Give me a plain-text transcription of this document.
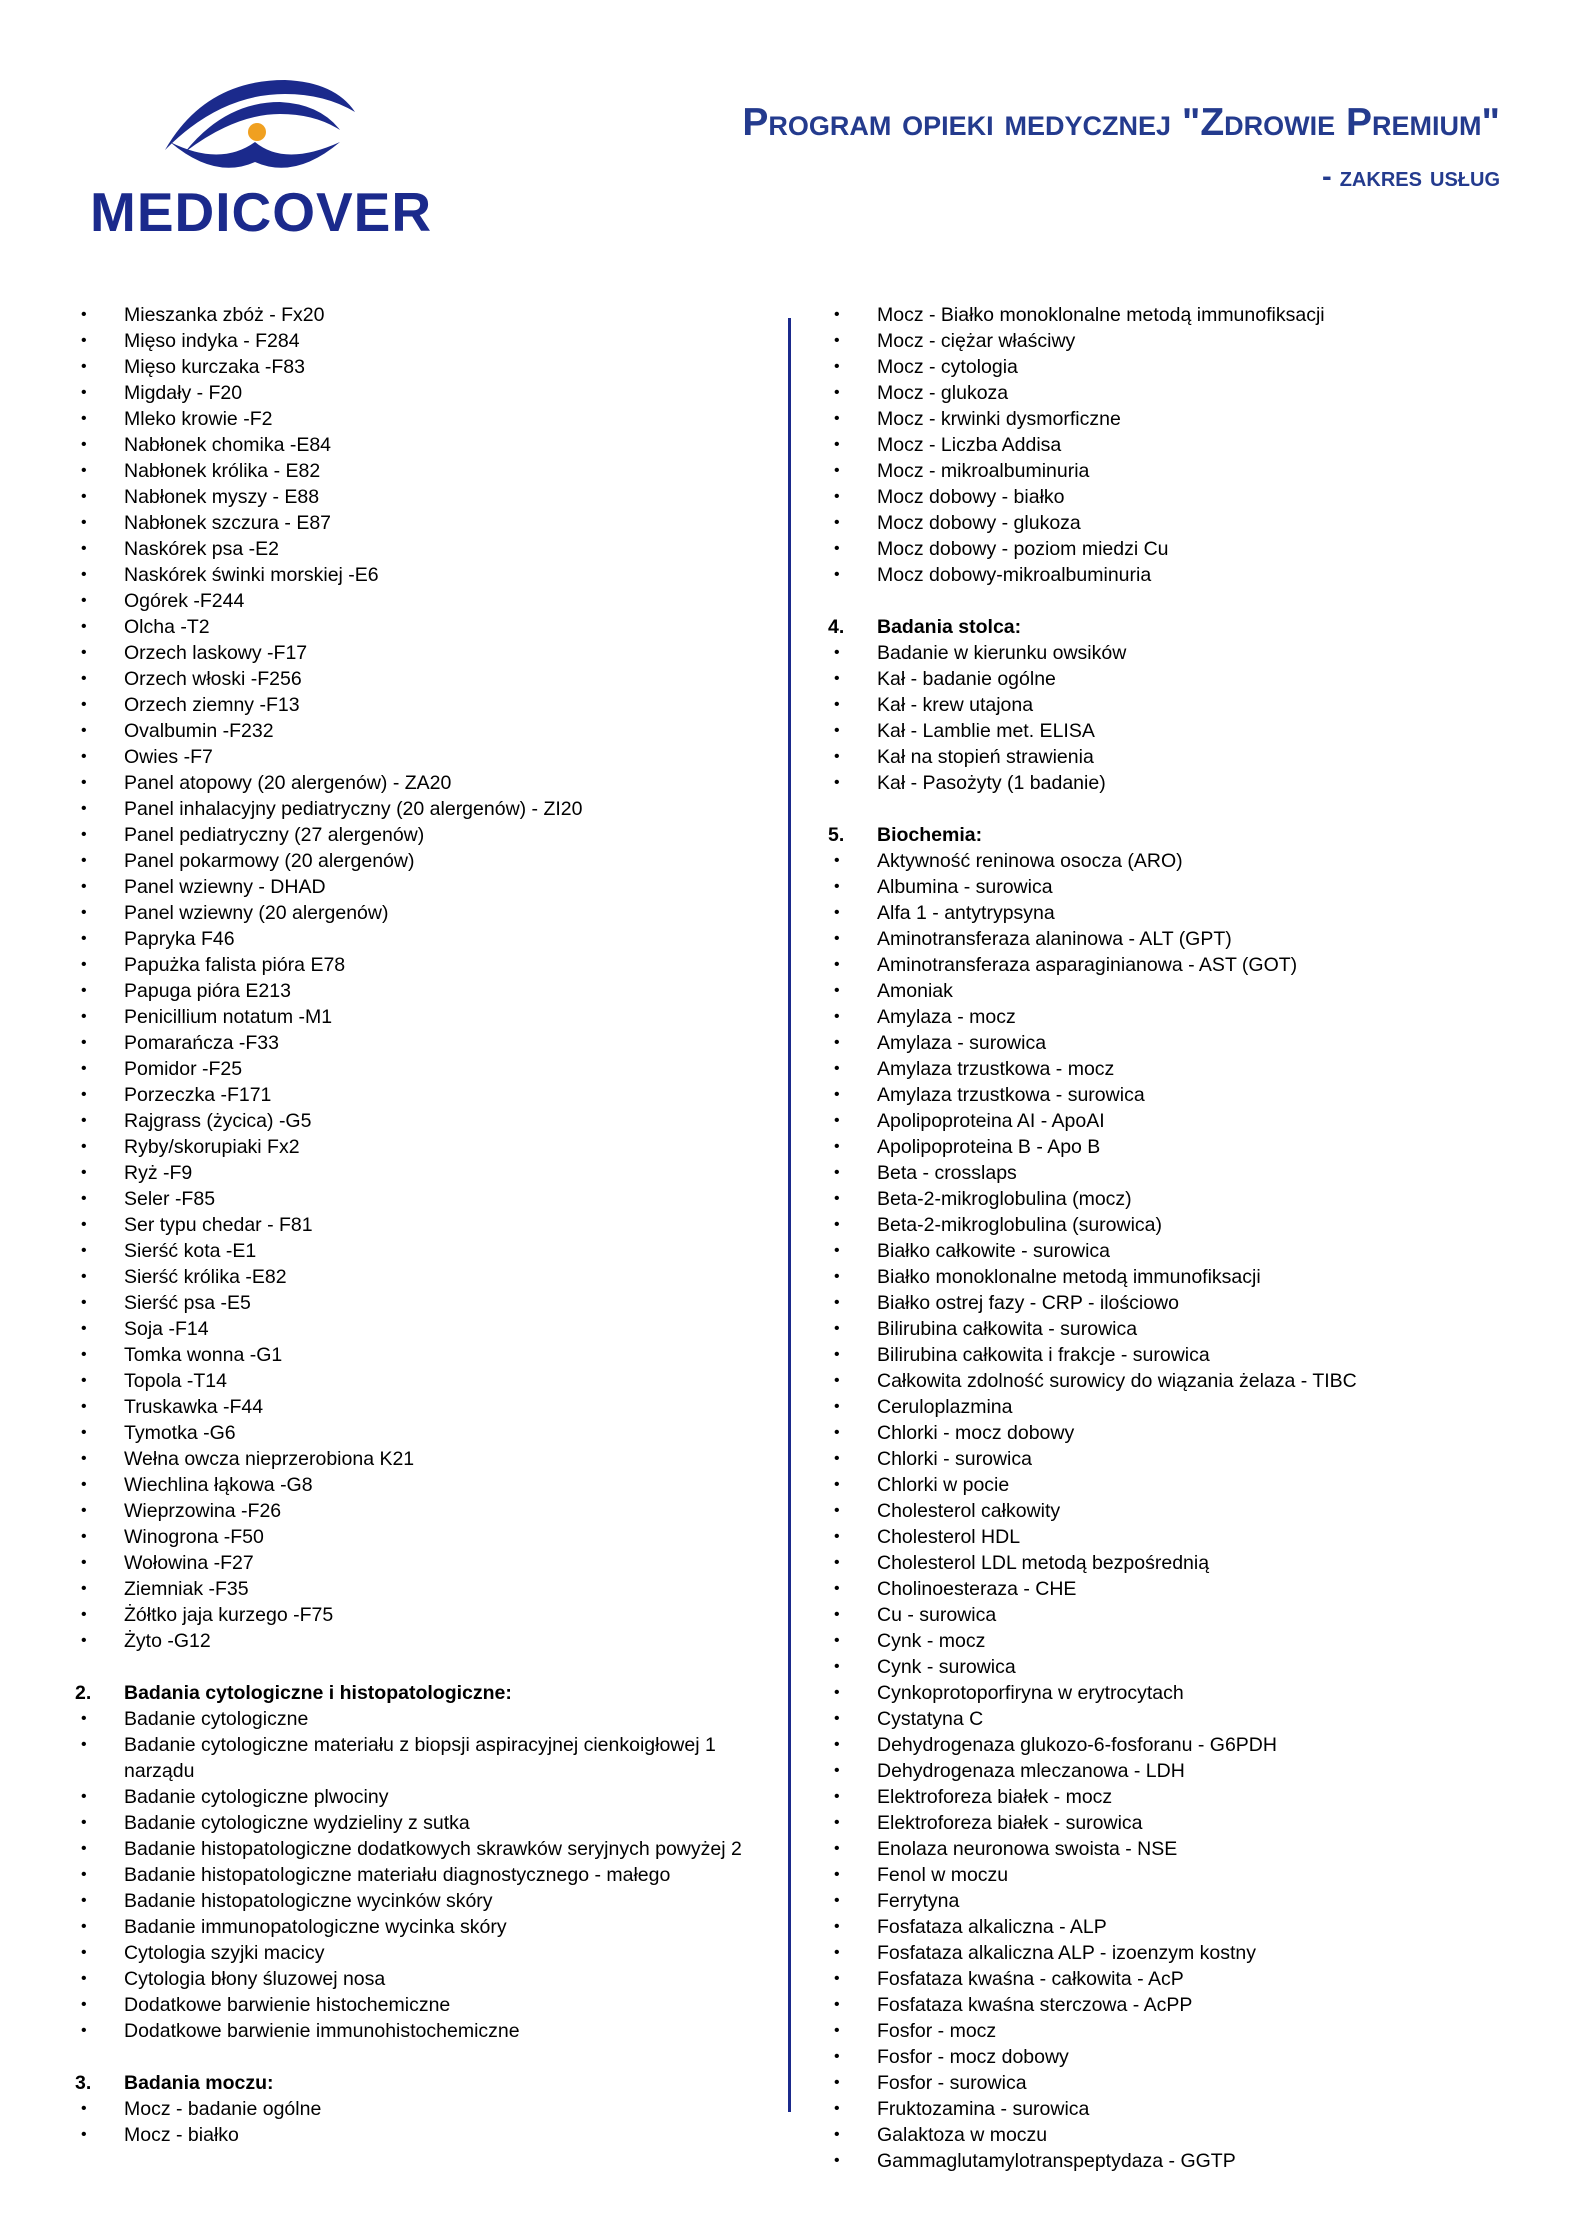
MEDICOVER
Program opieki medycznej "Zdrowie Premium"
- zakres usług
• Mieszanka zbóż - Fx20
• Mięso indyka - F284
• Mięso kurczaka -F83
• Migdały - F20
• Mleko krowie -F2
• Nabłonek chomika -E84
• Nabłonek królika - E82
• Nabłonek myszy - E88
• Nabłonek szczura - E87
• Naskórek psa -E2
• Naskórek świnki morskiej -E6
• Ogórek -F244
• Olcha -T2
• Orzech laskowy -F17
• Orzech włoski -F256
• Orzech ziemny -F13
• Ovalbumin -F232
• Owies -F7
• Panel atopowy (20 alergenów) - ZA20
• Panel inhalacyjny pediatryczny (20 alergenów) - ZI20
• Panel pediatryczny (27 alergenów)
• Panel pokarmowy (20 alergenów)
• Panel wziewny - DHAD
• Panel wziewny (20 alergenów)
• Papryka F46
• Papużka falista pióra E78
• Papuga pióra E213
• Penicillium notatum -M1
• Pomarańcza -F33
• Pomidor -F25
• Porzeczka -F171
• Rajgrass (życica) -G5
• Ryby/skorupiaki Fx2
• Ryż -F9
• Seler -F85
• Ser typu chedar - F81
• Sierść kota -E1
• Sierść królika -E82
• Sierść psa -E5
• Soja -F14
• Tomka wonna -G1
• Topola -T14
• Truskawka -F44
• Tymotka -G6
• Wełna owcza nieprzerobiona K21
• Wiechlina łąkowa -G8
• Wieprzowina -F26
• Winogrona -F50
• Wołowina -F27
• Ziemniak -F35
• Żółtko jaja kurzego -F75
• Żyto -G12
2. Badania cytologiczne i histopatologiczne:
• Badanie cytologiczne
• Badanie cytologiczne materiału z biopsji aspiracyjnej cienkoigłowej 1 narządu
• Badanie cytologiczne plwociny
• Badanie cytologiczne wydzieliny z sutka
• Badanie histopatologiczne dodatkowych skrawków seryjnych powyżej 2
• Badanie histopatologiczne materiału diagnostycznego - małego
• Badanie histopatologiczne wycinków skóry
• Badanie immunopatologiczne wycinka skóry
• Cytologia szyjki macicy
• Cytologia błony śluzowej nosa
• Dodatkowe barwienie histochemiczne
• Dodatkowe barwienie immunohistochemiczne
3. Badania moczu:
• Mocz - badanie ogólne
• Mocz - białko
• Mocz - Białko monoklonalne metodą immunofiksacji
• Mocz - ciężar właściwy
• Mocz - cytologia
• Mocz - glukoza
• Mocz - krwinki dysmorficzne
• Mocz - Liczba Addisa
• Mocz - mikroalbuminuria
• Mocz dobowy - białko
• Mocz dobowy - glukoza
• Mocz dobowy - poziom miedzi Cu
• Mocz dobowy-mikroalbuminuria
4. Badania stolca:
• Badanie w kierunku owsików
• Kał - badanie ogólne
• Kał - krew utajona
• Kał - Lamblie met. ELISA
• Kał na stopień strawienia
• Kał - Pasożyty (1 badanie)
5. Biochemia:
• Aktywność reninowa osocza (ARO)
• Albumina - surowica
• Alfa 1 - antytrypsyna
• Aminotransferaza alaninowa - ALT (GPT)
• Aminotransferaza asparaginianowa - AST (GOT)
• Amoniak
• Amylaza - mocz
• Amylaza - surowica
• Amylaza trzustkowa - mocz
• Amylaza trzustkowa - surowica
• Apolipoproteina AI - ApoAI
• Apolipoproteina B - Apo B
• Beta - crosslaps
• Beta-2-mikroglobulina (mocz)
• Beta-2-mikroglobulina (surowica)
• Białko całkowite - surowica
• Białko monoklonalne metodą immunofiksacji
• Białko ostrej fazy - CRP - ilościowo
• Bilirubina całkowita - surowica
• Bilirubina całkowita i frakcje - surowica
• Całkowita zdolność surowicy do wiązania żelaza - TIBC
• Ceruloplazmina
• Chlorki - mocz dobowy
• Chlorki - surowica
• Chlorki w pocie
• Cholesterol całkowity
• Cholesterol HDL
• Cholesterol LDL metodą bezpośrednią
• Cholinoesteraza - CHE
• Cu - surowica
• Cynk - mocz
• Cynk - surowica
• Cynkoprotoporfiryna w erytrocytach
• Cystatyna C
• Dehydrogenaza glukozo-6-fosforanu - G6PDH
• Dehydrogenaza mleczanowa - LDH
• Elektroforeza białek - mocz
• Elektroforeza białek - surowica
• Enolaza neuronowa swoista - NSE
• Fenol w moczu
• Ferrytyna
• Fosfataza alkaliczna - ALP
• Fosfataza alkaliczna ALP - izoenzym kostny
• Fosfataza kwaśna - całkowita - AcP
• Fosfataza kwaśna sterczowa - AcPP
• Fosfor - mocz
• Fosfor - mocz dobowy
• Fosfor - surowica
• Fruktozamina - surowica
• Galaktoza w moczu
• Gammaglutamylotranspeptydaza - GGTP
